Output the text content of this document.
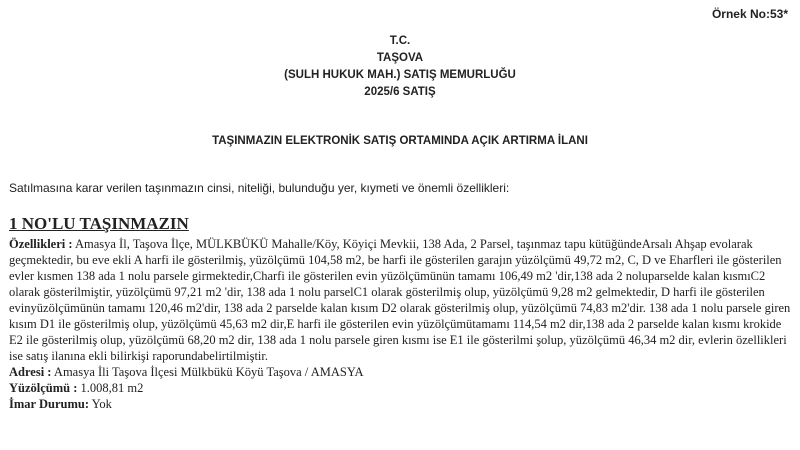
Örnek No:53*
T.C.
TAŞOVA
(SULH HUKUK MAH.) SATIŞ MEMURLUĞU
2025/6 SATIŞ
TAŞINMAZIN ELEKTRONİK SATIŞ ORTAMINDA AÇIK ARTIRMA İLANI
Satılmasına karar verilen taşınmazın cinsi, niteliği, bulunduğu yer, kıymeti ve önemli özellikleri:

1 NO'LU TAŞINMAZIN

Özellikleri : Amasya İl, Taşova İlçe, MÜLKBÜKÜ Mahalle/Köy, Köyiçi Mevkii, 138 Ada, 2 Parsel, taşınmaz tapu kütüğündeArsalı Ahşap evolarak geçmektedir, bu eve ekli A harfi ile gösterilmiş, yüzölçümü 104,58 m2, be harfi ile gösterilen garajın yüzölçümü 49,72 m2, C, D ve Eharfleri ile gösterilen evler kısmen 138 ada 1 nolu parsele girmektedir,Charfi ile gösterilen evin yüzölçümünün tamamı 106,49 m2 'dir,138 ada 2 noluparselde kalan kısmıC2 olarak gösterilmiştir, yüzölçümü 97,21 m2 'dir, 138 ada 1 nolu parselC1 olarak gösterilmiş olup, yüzölçümü 9,28 m2 gelmektedir, D harfi ile gösterilen evinyüzölçümünün tamamı 120,46 m2'dir, 138 ada 2 parselde kalan kısım D2 olarak gösterilmiş olup, yüzölçümü 74,83 m2'dir. 138 ada 1 nolu parsele giren kısım D1 ile gösterilmiş olup, yüzölçümü 45,63 m2 dir,E harfi ile gösterilen evin yüzölçümütamamı 114,54 m2 dir,138 ada 2 parselde kalan kısmı krokide E2 ile gösterilmiş olup, yüzölçümü 68,20 m2 dir, 138 ada 1 nolu parsele giren kısmı ise E1 ile gösterilmi şolup, yüzölçümü 46,34 m2 dir, evlerin özellikleri ise satış ilanına ekli bilirkişi raporundabelirtilmiştir.

Adresi : Amasya İli Taşova İlçesi Mülkbükü Köyü Taşova / AMASYA

Yüzölçümü : 1.008,81 m2

İmar Durumu: Yok
